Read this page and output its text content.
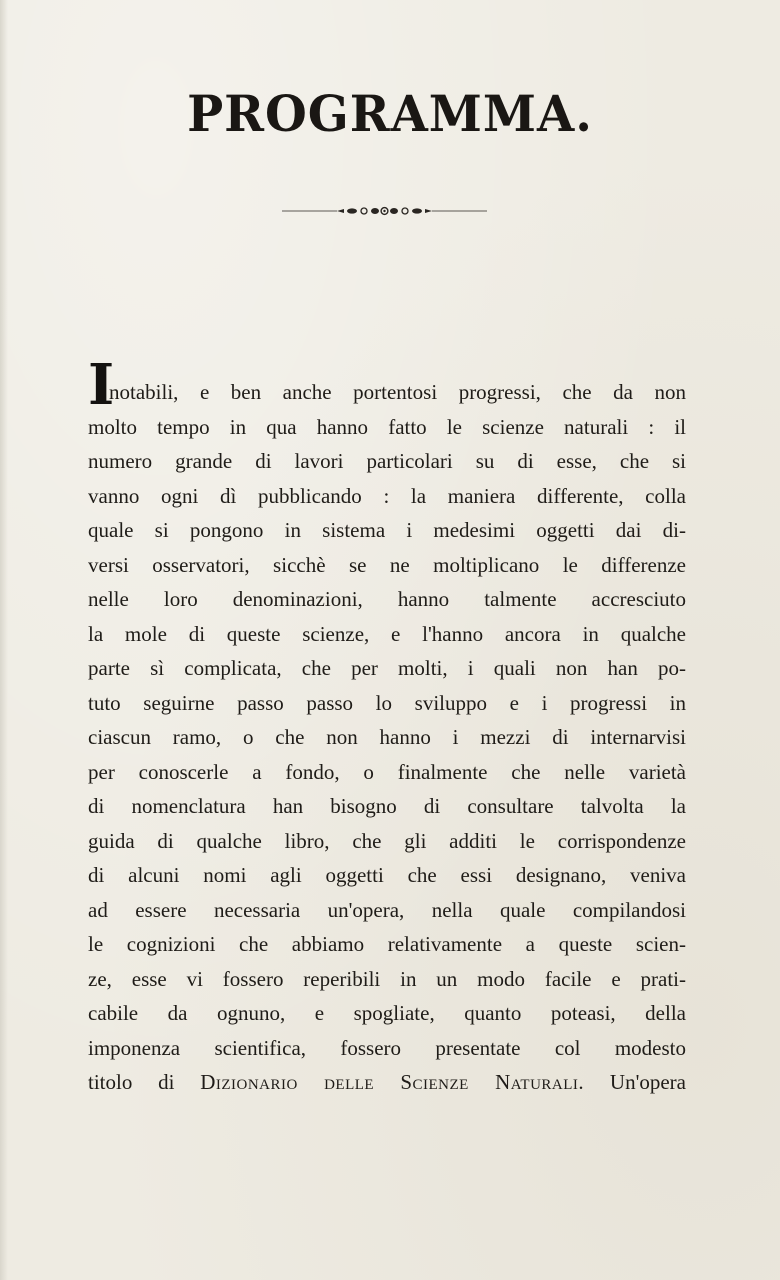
PROGRAMMA.
I
notabili, e ben anche portentosi progressi, che da non
molto tempo in qua hanno fatto le scienze naturali : il
numero grande di lavori particolari su di esse, che si
vanno ogni dì pubblicando : la maniera differente, colla
quale si pongono in sistema i medesimi oggetti dai di-
versi osservatori, sicchè se ne moltiplicano le differenze
nelle loro denominazioni, hanno talmente accresciuto
la mole di queste scienze, e l'hanno ancora in qualche
parte sì complicata, che per molti, i quali non han po-
tuto seguirne passo passo lo sviluppo e i progressi in
ciascun ramo, o che non hanno i mezzi di internarvisi
per conoscerle a fondo, o finalmente che nelle varietà
di nomenclatura han bisogno di consultare talvolta la
guida di qualche libro, che gli additi le corrispondenze
di alcuni nomi agli oggetti che essi designano, veniva
ad essere necessaria un'opera, nella quale compilandosi
le cognizioni che abbiamo relativamente a queste scien-
ze, esse vi fossero reperibili in un modo facile e prati-
cabile da ognuno, e spogliate, quanto poteasi, della
imponenza scientifica, fossero presentate col modesto
titolo di Dizionario delle Scienze Naturali. Un'opera
